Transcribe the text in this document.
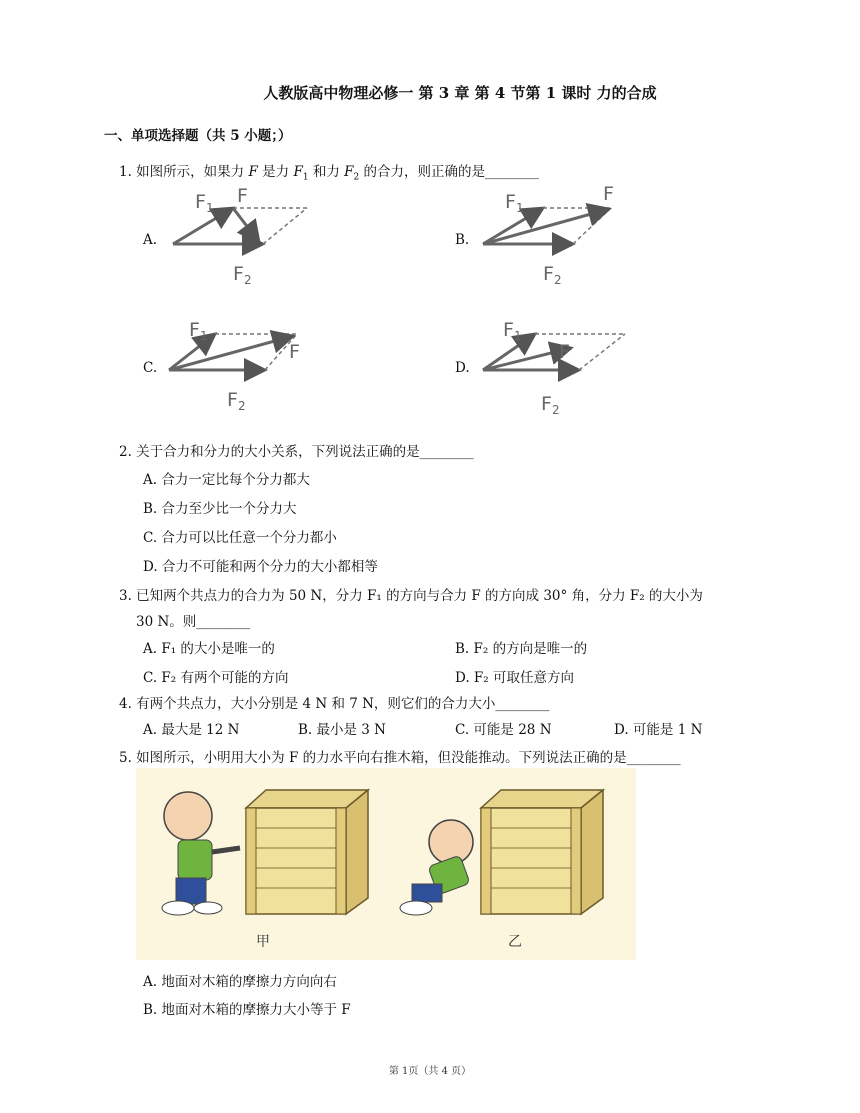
人教版高中物理必修一 第 3 章 第 4 节第 1 课时 力的合成
一、单项选择题（共 5 小题；）
1. 如图所示，如果力 F 是力 $F_1$ 和力 $F_2$ 的合力，则正确的是________
A.	B.
C.	D.
$F_1$
F
$F_2$
$F_1$
F
$F_2$
$F_1$
F
$F_2$
$F_1$
F
$F_2$
2. 关于合力和分力的大小关系，下列说法正确的是________
A. 合力一定比每个分力都大
B. 合力至少比一个分力大
C. 合力可以比任意一个分力都小
D. 合力不可能和两个分力的大小都相等
3. 已知两个共点力的合力为 50 N，分力 F₁ 的方向与合力 F 的方向成 30° 角，分力 F₂ 的大小为
30 N。则________
A. F₁ 的大小是唯一的	B. F₂ 的方向是唯一的
C. F₂ 有两个可能的方向	D. F₂ 可取任意方向
4. 有两个共点力，大小分别是 4 N 和 7 N，则它们的合力大小________
A. 最大是 12 N	B. 最小是 3 N	C. 可能是 28 N	D. 可能是 1 N
5. 如图所示，小明用大小为 F 的力水平向右推木箱，但没能推动。下列说法正确的是________
甲	乙
A. 地面对木箱的摩擦力方向向右
B. 地面对木箱的摩擦力大小等于 F
第 1页（共 4 页）
